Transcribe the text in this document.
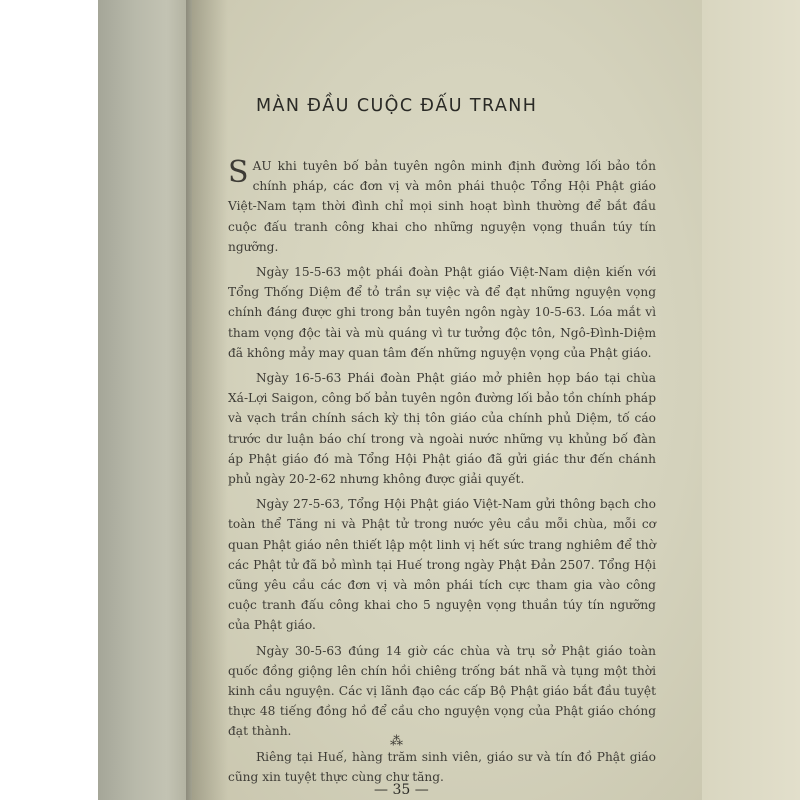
MÀN ĐẦU CUỘC ĐẤU TRANH

SAU khi tuyên bố bản tuyên ngôn minh định đường lối bảo tồn chính pháp, các đơn vị và môn phái thuộc Tổng Hội Phật giáo Việt-Nam tạm thời đình chỉ mọi sinh hoạt bình thường để bắt đầu cuộc đấu tranh công khai cho những nguyện vọng thuần túy tín ngưỡng.

Ngày 15-5-63 một phái đoàn Phật giáo Việt-Nam diện kiến với Tổng Thống Diệm để tỏ trần sự việc và để đạt những nguyện vọng chính đáng được ghi trong bản tuyên ngôn ngày 10-5-63. Lóa mắt vì tham vọng độc tài và mù quáng vì tư tưởng độc tôn, Ngô-Đình-Diệm đã không mảy may quan tâm đến những nguyện vọng của Phật giáo.

Ngày 16-5-63 Phái đoàn Phật giáo mở phiên họp báo tại chùa Xá-Lợi Saigon, công bố bản tuyên ngôn đường lối bảo tồn chính pháp và vạch trần chính sách kỳ thị tôn giáo của chính phủ Diệm, tố cáo trước dư luận báo chí trong và ngoài nước những vụ khủng bố đàn áp Phật giáo đó mà Tổng Hội Phật giáo đã gửi giác thư đến chánh phủ ngày 20-2-62 nhưng không được giải quyết.

Ngày 27-5-63, Tổng Hội Phật giáo Việt-Nam gửi thông bạch cho toàn thể Tăng ni và Phật tử trong nước yêu cầu mỗi chùa, mỗi cơ quan Phật giáo nên thiết lập một linh vị hết sức trang nghiêm để thờ các Phật tử đã bỏ mình tại Huế trong ngày Phật Đản 2507. Tổng Hội cũng yêu cầu các đơn vị và môn phái tích cực tham gia vào công cuộc tranh đấu công khai cho 5 nguyện vọng thuần túy tín ngưỡng của Phật giáo.

Ngày 30-5-63 đúng 14 giờ các chùa và trụ sở Phật giáo toàn quốc đồng giộng lên chín hồi chiêng trống bát nhã và tụng một thời kinh cầu nguyện. Các vị lãnh đạo các cấp Bộ Phật giáo bắt đầu tuyệt thực 48 tiếng đồng hồ để cầu cho nguyện vọng của Phật giáo chóng đạt thành.

Riêng tại Huế, hàng trăm sinh viên, giáo sư và tín đồ Phật giáo cũng xin tuyệt thực cùng chư tăng.

⁂
— 35 —
